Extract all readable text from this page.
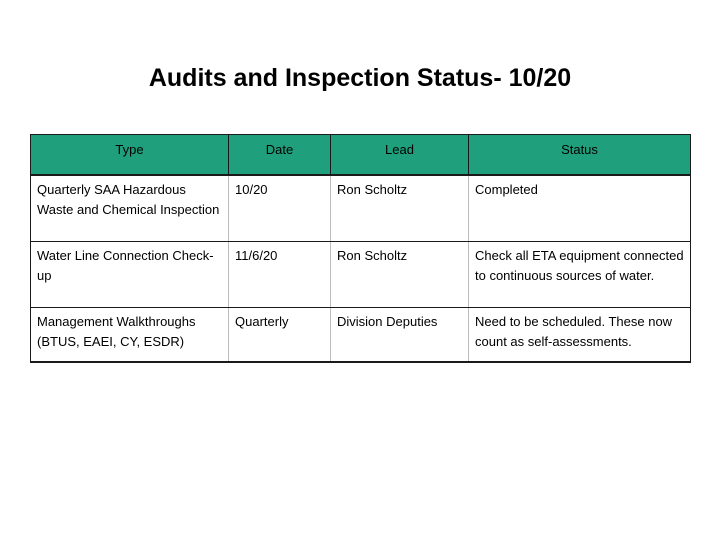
Audits and Inspection Status- 10/20
Type	Date	Lead	Status
Quarterly SAA Hazardous Waste and Chemical Inspection	10/20	Ron Scholtz	Completed
Water Line Connection Check-up	11/6/20	Ron Scholtz	Check all ETA equipment connected to continuous sources of water.
Management Walkthroughs (BTUS, EAEI, CY, ESDR)	Quarterly	Division Deputies	Need to be scheduled. These now count as self-assessments.
